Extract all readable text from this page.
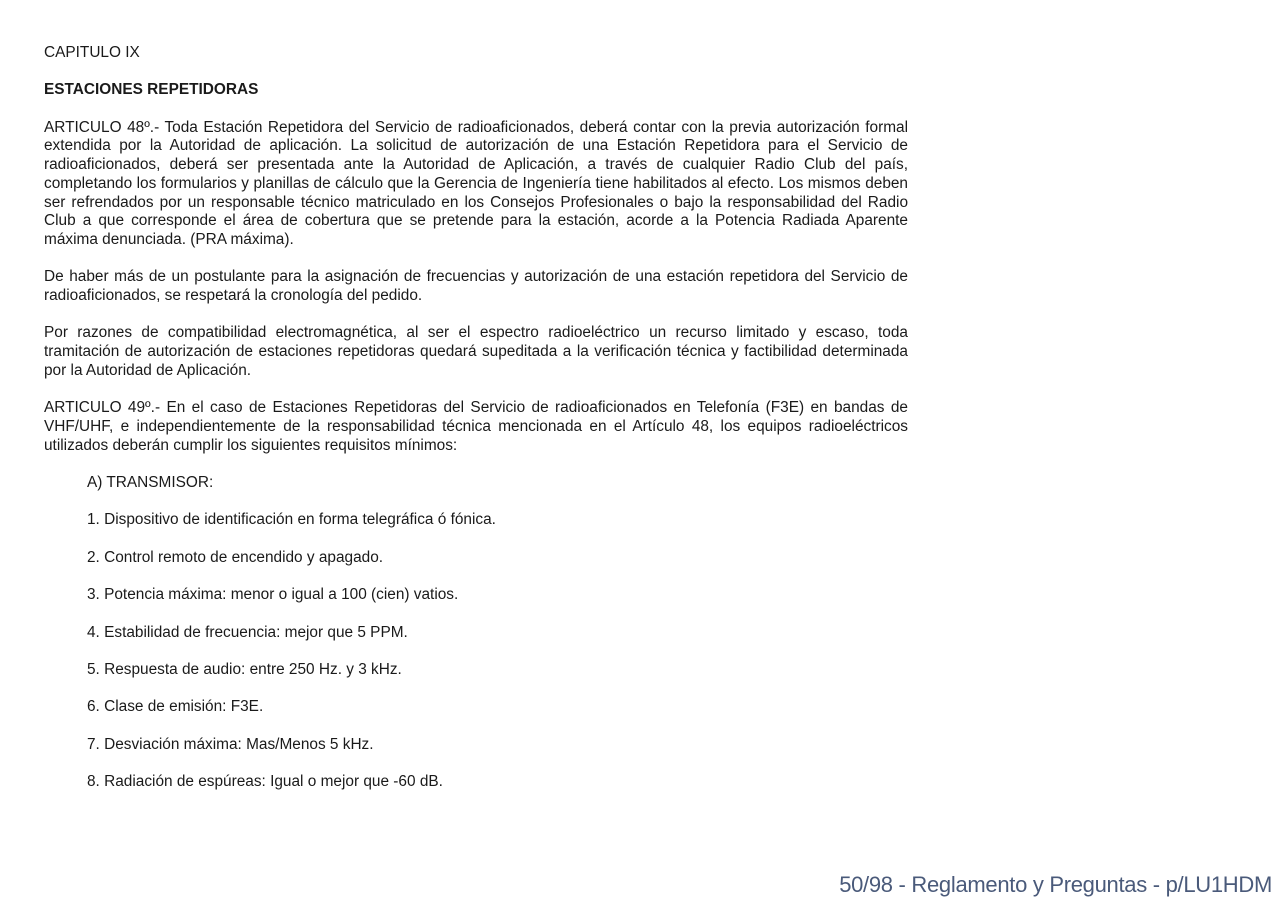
CAPITULO IX
ESTACIONES REPETIDORAS

ARTICULO 48º.- Toda Estación Repetidora del Servicio de radioaficionados, deberá contar con la previa autorización formal extendida por la Autoridad de aplicación. La solicitud de autorización de una Estación Repetidora para el Servicio de radioaficionados, deberá ser presentada ante la Autoridad de Aplicación, a través de cualquier Radio Club del país, completando los formularios y planillas de cálculo que la Gerencia de Ingeniería tiene habilitados al efecto. Los mismos deben ser refrendados por un responsable técnico matriculado en los Consejos Profesionales o bajo la responsabilidad del Radio Club a que corresponde el área de cobertura que se pretende para la estación, acorde a la Potencia Radiada Aparente máxima denunciada. (PRA máxima).

De haber más de un postulante para la asignación de frecuencias y autorización de una estación repetidora del Servicio de radioaficionados, se respetará la cronología del pedido.

Por razones de compatibilidad electromagnética, al ser el espectro radioeléctrico un recurso limitado y escaso, toda tramitación de autorización de estaciones repetidoras quedará supeditada a la verificación técnica y factibilidad determinada por la Autoridad de Aplicación.

ARTICULO 49º.- En el caso de Estaciones Repetidoras del Servicio de radioaficionados en Telefonía (F3E) en bandas de VHF/UHF, e independientemente de la responsabilidad técnica mencionada en el Artículo 48, los equipos radioeléctricos utilizados deberán cumplir los siguientes requisitos mínimos:

A) TRANSMISOR:
1. Dispositivo de identificación en forma telegráfica ó fónica.
2. Control remoto de encendido y apagado.
3. Potencia máxima: menor o igual a 100 (cien) vatios.
4. Estabilidad de frecuencia: mejor que 5 PPM.
5. Respuesta de audio: entre 250 Hz. y 3 kHz.
6. Clase de emisión: F3E.
7. Desviación máxima: Mas/Menos 5 kHz.
8. Radiación de espúreas: Igual o mejor que -60 dB.
50/98 - Reglamento y Preguntas - p/LU1HDM
